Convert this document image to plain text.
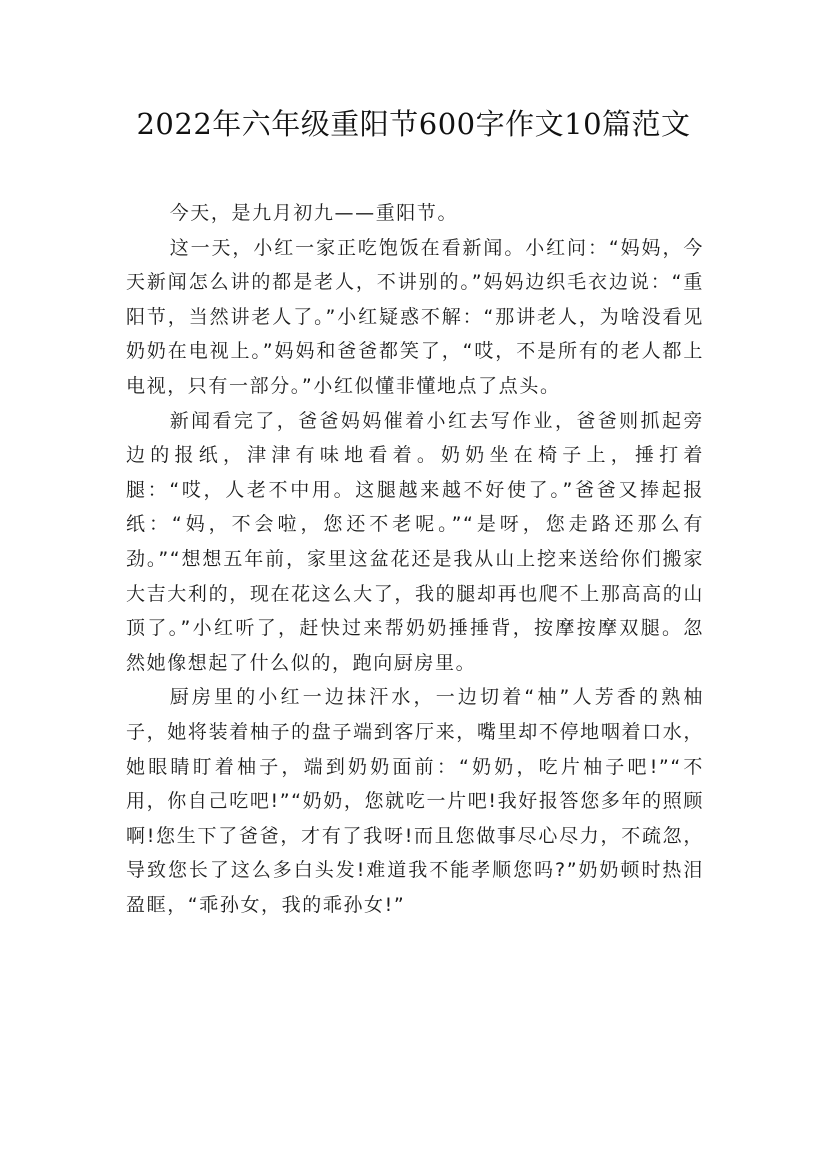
2022年六年级重阳节600字作文10篇范文

今天，是九月初九——重阳节。

这一天，小红一家正吃饱饭在看新闻。小红问：“妈妈，今天新闻怎么讲的都是老人，不讲别的。”妈妈边织毛衣边说：“重阳节，当然讲老人了。”小红疑惑不解：“那讲老人，为啥没看见奶奶在电视上。”妈妈和爸爸都笑了，“哎，不是所有的老人都上电视，只有一部分。”小红似懂非懂地点了点头。

新闻看完了，爸爸妈妈催着小红去写作业，爸爸则抓起旁边的报纸，津津有味地看着。奶奶坐在椅子上，捶打着腿：“哎，人老不中用。这腿越来越不好使了。”爸爸又捧起报纸：“妈，不会啦，您还不老呢。”“是呀，您走路还那么有劲。”“想想五年前，家里这盆花还是我从山上挖来送给你们搬家大吉大利的，现在花这么大了，我的腿却再也爬不上那高高的山顶了。”小红听了，赶快过来帮奶奶捶捶背，按摩按摩双腿。忽然她像想起了什么似的，跑向厨房里。

厨房里的小红一边抹汗水，一边切着“柚”人芳香的熟柚子，她将装着柚子的盘子端到客厅来，嘴里却不停地咽着口水，她眼睛盯着柚子，端到奶奶面前：“奶奶，吃片柚子吧!”“不用，你自己吃吧!”“奶奶，您就吃一片吧!我好报答您多年的照顾啊!您生下了爸爸，才有了我呀!而且您做事尽心尽力，不疏忽，导致您长了这么多白头发!难道我不能孝顺您吗?”奶奶顿时热泪盈眶，“乖孙女，我的乖孙女!”
